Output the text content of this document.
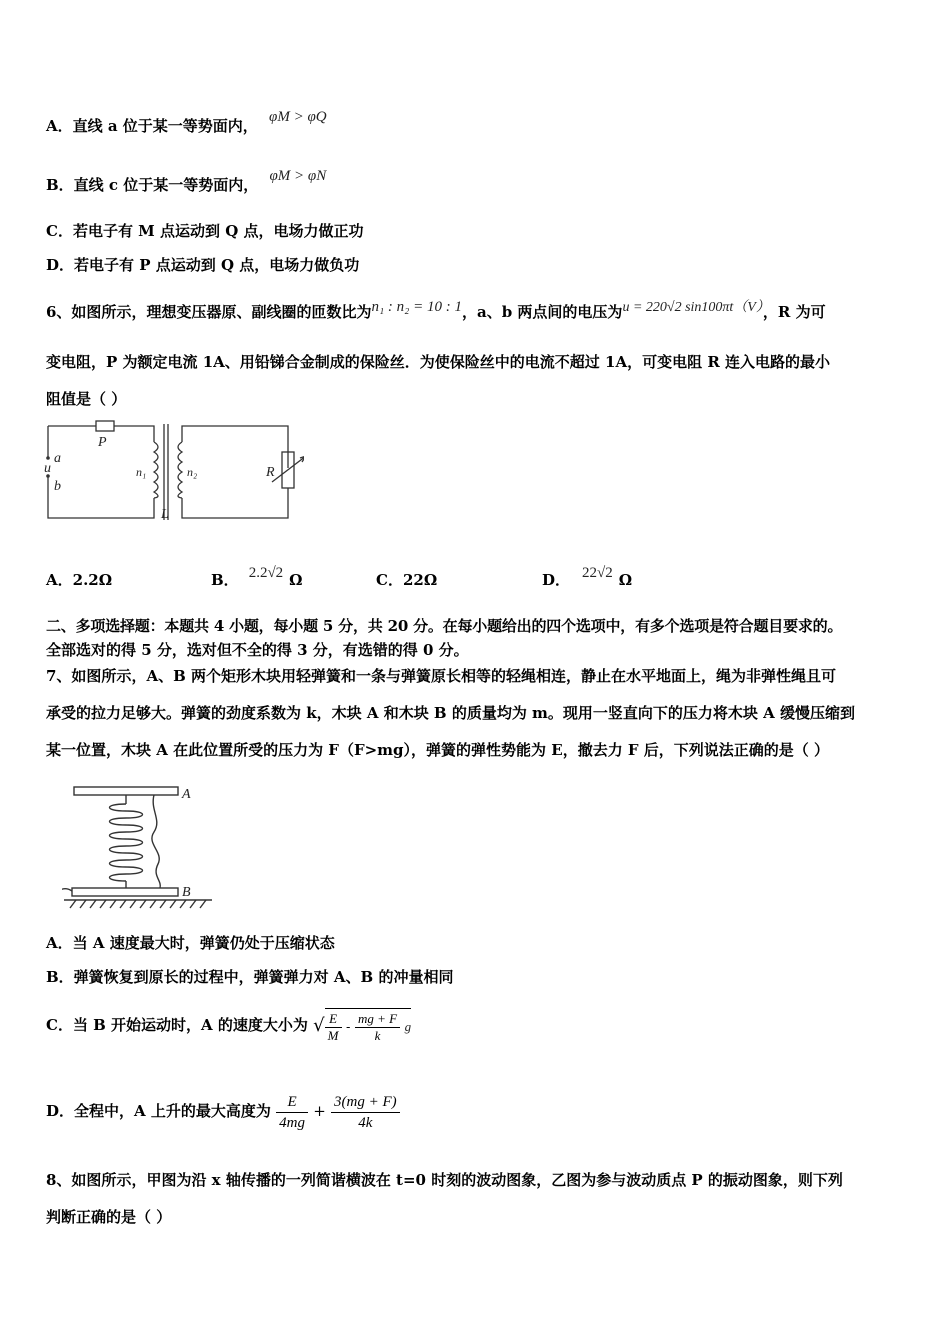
A．直线 a 位于某一等势面内， φM > φQ
B．直线 c 位于某一等势面内， φM > φN
C．若电子有 M 点运动到 Q 点，电场力做正功
D．若电子有 P 点运动到 Q 点，电场力做负功
6、如图所示，理想变压器原、副线圈的匝数比为n₁ : n₂ = 10 : 1，a、b 两点间的电压为u = 220√2 sin100πt（V），R 为可
变电阻，P 为额定电流 1A、用铅锑合金制成的保险丝．为使保险丝中的电流不超过 1A，可变电阻 R 连入电路的最小
阻值是（ ）
P
a
u
b
n₁	n₂
L
R
A．2.2Ω	B． 2.2√2 Ω	C．22Ω	D． 22√2 Ω
二、多项选择题：本题共 4 小题，每小题 5 分，共 20 分。在每小题给出的四个选项中，有多个选项是符合题目要求的。
全部选对的得 5 分，选对但不全的得 3 分，有选错的得 0 分。
7、如图所示，A、B 两个矩形木块用轻弹簧和一条与弹簧原长相等的轻绳相连，静止在水平地面上，绳为非弹性绳且可
承受的拉力足够大。弹簧的劲度系数为 k，木块 A 和木块 B 的质量均为 m。现用一竖直向下的压力将木块 A 缓慢压缩到
某一位置，木块 A 在此位置所受的压力为 F（F>mg），弹簧的弹性势能为 E，撤去力 F 后，下列说法正确的是（ ）
A
B
A．当 A 速度最大时，弹簧仍处于压缩状态
B．弹簧恢复到原长的过程中，弹簧弹力对 A、B 的冲量相同
C．当 B 开始运动时，A 的速度大小为 √ $\frac{E}{M} - \frac{mg + F}{k}$ g
D．全程中，A 上升的最大高度为 $\frac{E}{4mg} + \frac{3(mg + F)}{4k}$
8、如图所示，甲图为沿 x 轴传播的一列简谐横波在 t=0 时刻的波动图象，乙图为参与波动质点 P 的振动图象，则下列
判断正确的是（ ）
